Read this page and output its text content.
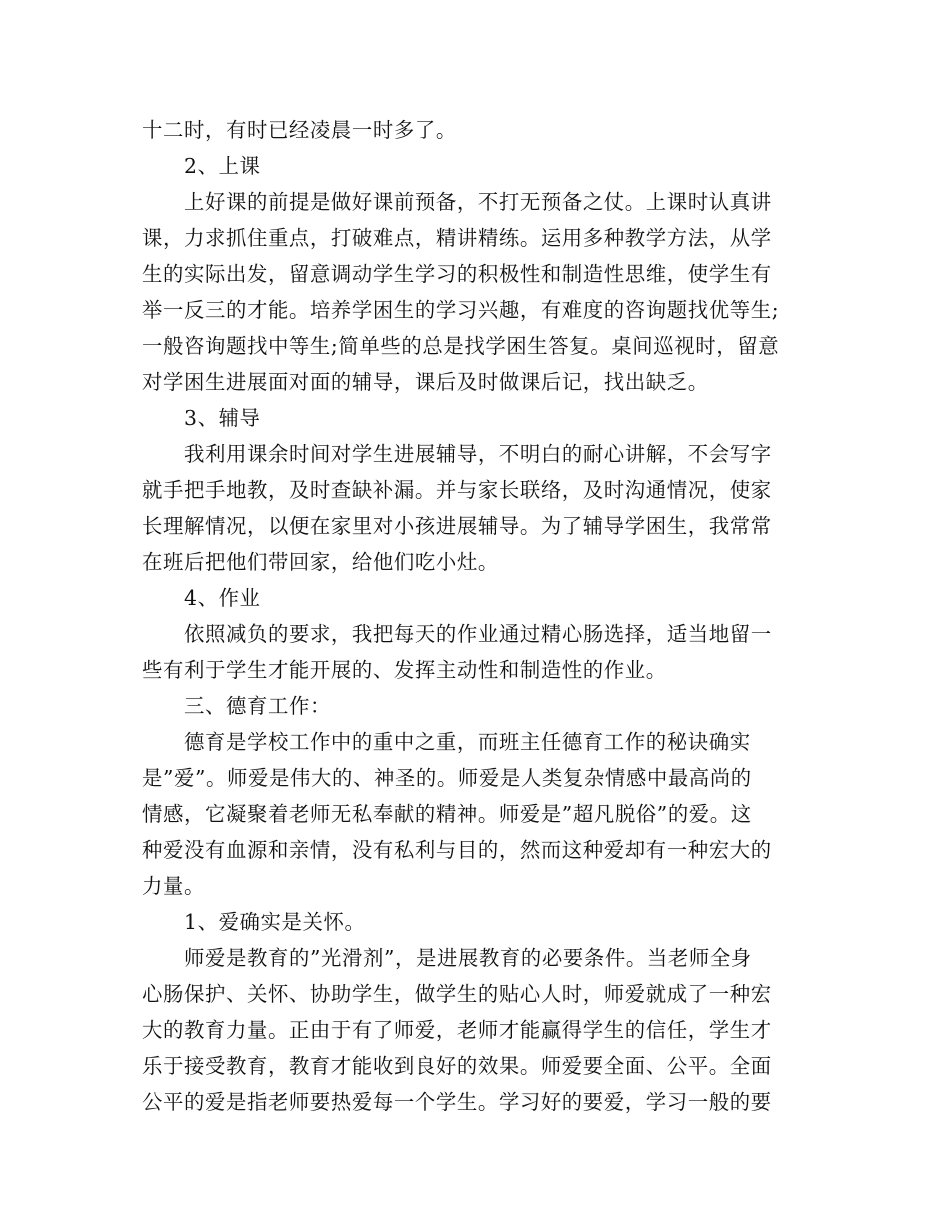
十二时，有时已经凌晨一时多了。
2、上课
上好课的前提是做好课前预备，不打无预备之仗。上课时认真讲
课，力求抓住重点，打破难点，精讲精练。运用多种教学方法，从学
生的实际出发，留意调动学生学习的积极性和制造性思维，使学生有
举一反三的才能。培养学困生的学习兴趣，有难度的咨询题找优等生;
一般咨询题找中等生;简单些的总是找学困生答复。桌间巡视时，留意
对学困生进展面对面的辅导，课后及时做课后记，找出缺乏。
3、辅导
我利用课余时间对学生进展辅导，不明白的耐心讲解，不会写字
就手把手地教，及时查缺补漏。并与家长联络，及时沟通情况，使家
长理解情况，以便在家里对小孩进展辅导。为了辅导学困生，我常常
在班后把他们带回家，给他们吃小灶。
4、作业
依照减负的要求，我把每天的作业通过精心肠选择，适当地留一
些有利于学生才能开展的、发挥主动性和制造性的作业。
三、德育工作：
德育是学校工作中的重中之重，而班主任德育工作的秘诀确实
是”爱”。师爱是伟大的、神圣的。师爱是人类复杂情感中最高尚的
情感，它凝聚着老师无私奉献的精神。师爱是”超凡脱俗”的爱。这
种爱没有血源和亲情，没有私利与目的，然而这种爱却有一种宏大的
力量。
1、爱确实是关怀。
师爱是教育的”光滑剂”，是进展教育的必要条件。当老师全身
心肠保护、关怀、协助学生，做学生的贴心人时，师爱就成了一种宏
大的教育力量。正由于有了师爱，老师才能赢得学生的信任，学生才
乐于接受教育，教育才能收到良好的效果。师爱要全面、公平。全面
公平的爱是指老师要热爱每一个学生。学习好的要爱，学习一般的要
